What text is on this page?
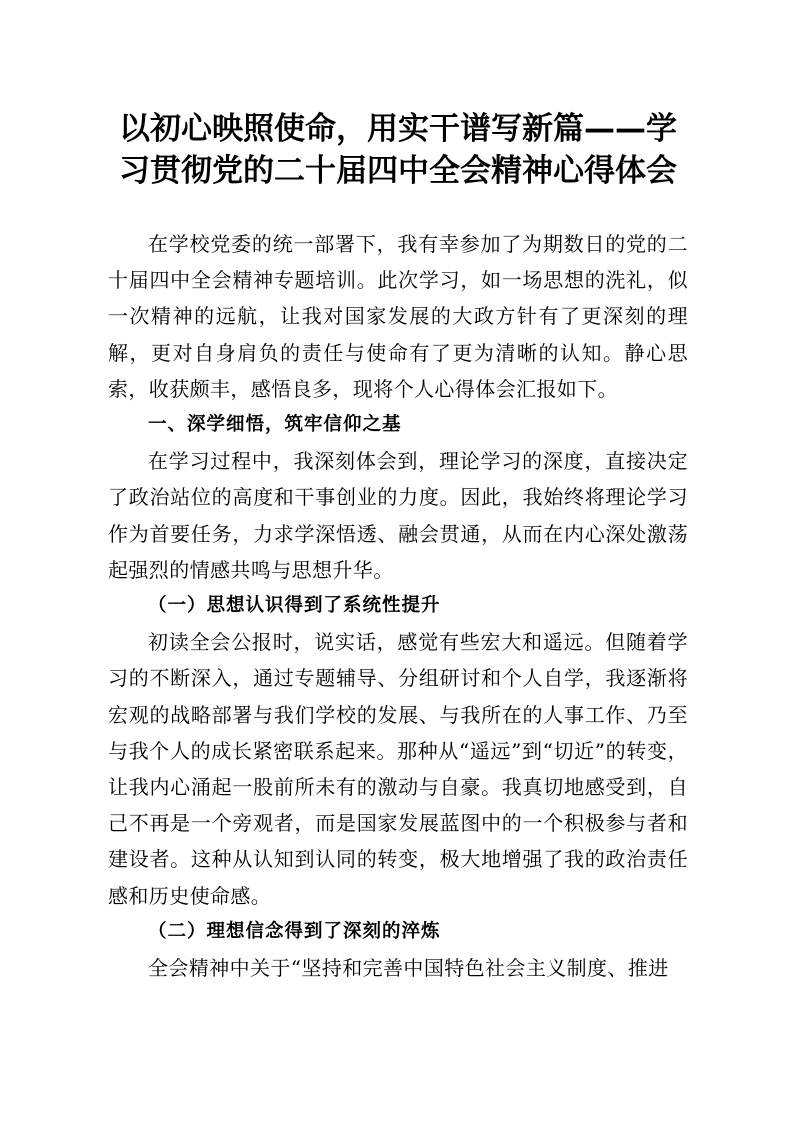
以初心映照使命，用实干谱写新篇——学
习贯彻党的二十届四中全会精神心得体会

在学校党委的统一部署下，我有幸参加了为期数日的党的二十届四中全会精神专题培训。此次学习，如一场思想的洗礼，似一次精神的远航，让我对国家发展的大政方针有了更深刻的理解，更对自身肩负的责任与使命有了更为清晰的认知。静心思索，收获颇丰，感悟良多，现将个人心得体会汇报如下。

一、深学细悟，筑牢信仰之基

在学习过程中，我深刻体会到，理论学习的深度，直接决定了政治站位的高度和干事创业的力度。因此，我始终将理论学习作为首要任务，力求学深悟透、融会贯通，从而在内心深处激荡起强烈的情感共鸣与思想升华。

（一）思想认识得到了系统性提升

初读全会公报时，说实话，感觉有些宏大和遥远。但随着学习的不断深入，通过专题辅导、分组研讨和个人自学，我逐渐将宏观的战略部署与我们学校的发展、与我所在的人事工作、乃至与我个人的成长紧密联系起来。那种从“遥远”到“切近”的转变，让我内心涌起一股前所未有的激动与自豪。我真切地感受到，自己不再是一个旁观者，而是国家发展蓝图中的一个积极参与者和建设者。这种从认知到认同的转变，极大地增强了我的政治责任感和历史使命感。

（二）理想信念得到了深刻的淬炼

全会精神中关于“坚持和完善中国特色社会主义制度、推进
